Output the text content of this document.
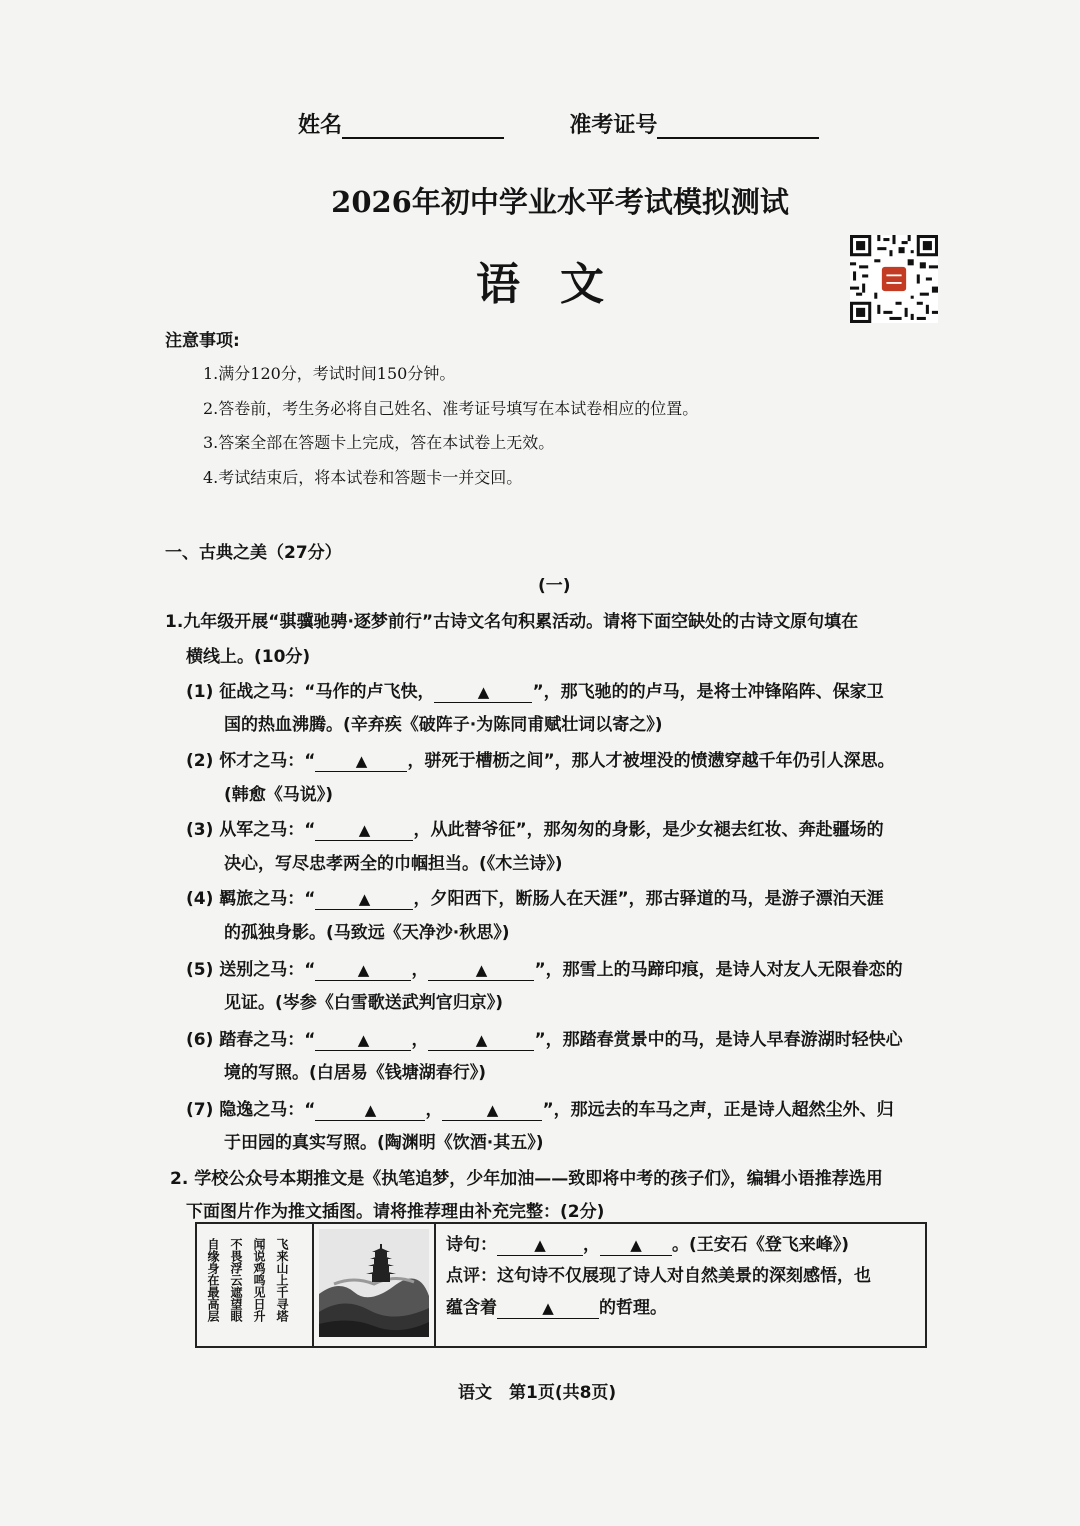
姓名	准考证号
2026年初中学业水平考试模拟测试
语文
注意事项:
1.满分120分，考试时间150分钟。
2.答卷前，考生务必将自己姓名、准考证号填写在本试卷相应的位置。
3.答案全部在答题卡上完成，答在本试卷上无效。
4.考试结束后，将本试卷和答题卡一并交回。
一、古典之美（27分）
(一)
1.九年级开展“骐骥驰骋·逐梦前行”古诗文名句积累活动。请将下面空缺处的古诗文原句填在
横线上。(10分)
(1) 征战之马：“马作的卢飞快，	▲	”，那飞驰的的卢马，是将士冲锋陷阵、保家卫
国的热血沸腾。(辛弃疾《破阵子·为陈同甫赋壮词以寄之》)
(2) 怀才之马：“	▲ ，骈死于槽枥之间”，那人才被埋没的愤懑穿越千年仍引人深思。
(韩愈《马说》)
(3) 从军之马：“	▲	，从此替爷征”，那匆匆的身影，是少女褪去红妆、奔赴疆场的
决心，写尽忠孝两全的巾帼担当。(《木兰诗》)
(4) 羁旅之马：“	▲	，夕阳西下，断肠人在天涯”，那古驿道的马，是游子漂泊天涯
的孤独身影。(马致远《天净沙·秋思》)
(5) 送别之马：“	▲ ，	▲	”，那雪上的马蹄印痕，是诗人对友人无限眷恋的
见证。(岑参《白雪歌送武判官归京》)
(6) 踏春之马：“	▲ ，	▲	”，那踏春赏景中的马，是诗人早春游湖时轻快心
境的写照。(白居易《钱塘湖春行》)
(7) 隐逸之马：“	▲	，	▲	”，那远去的车马之声，正是诗人超然尘外、归
于田园的真实写照。(陶渊明《饮酒·其五》)
2. 学校公众号本期推文是《执笔追梦，少年加油——致即将中考的孩子们》，编辑小语推荐选用
下面图片作为推文插图。请将推荐理由补充完整：(2分)
飞来山上千寻塔
闻说鸡鸣见日升
不畏浮云遮望眼
自缘身在最高层		诗句： ▲ ， ▲ 。(王安石《登飞来峰》)
点评：这句诗不仅展现了诗人对自然美景的深刻感悟，也
蕴含着	▲	的哲理。
语文　第1页(共8页)
